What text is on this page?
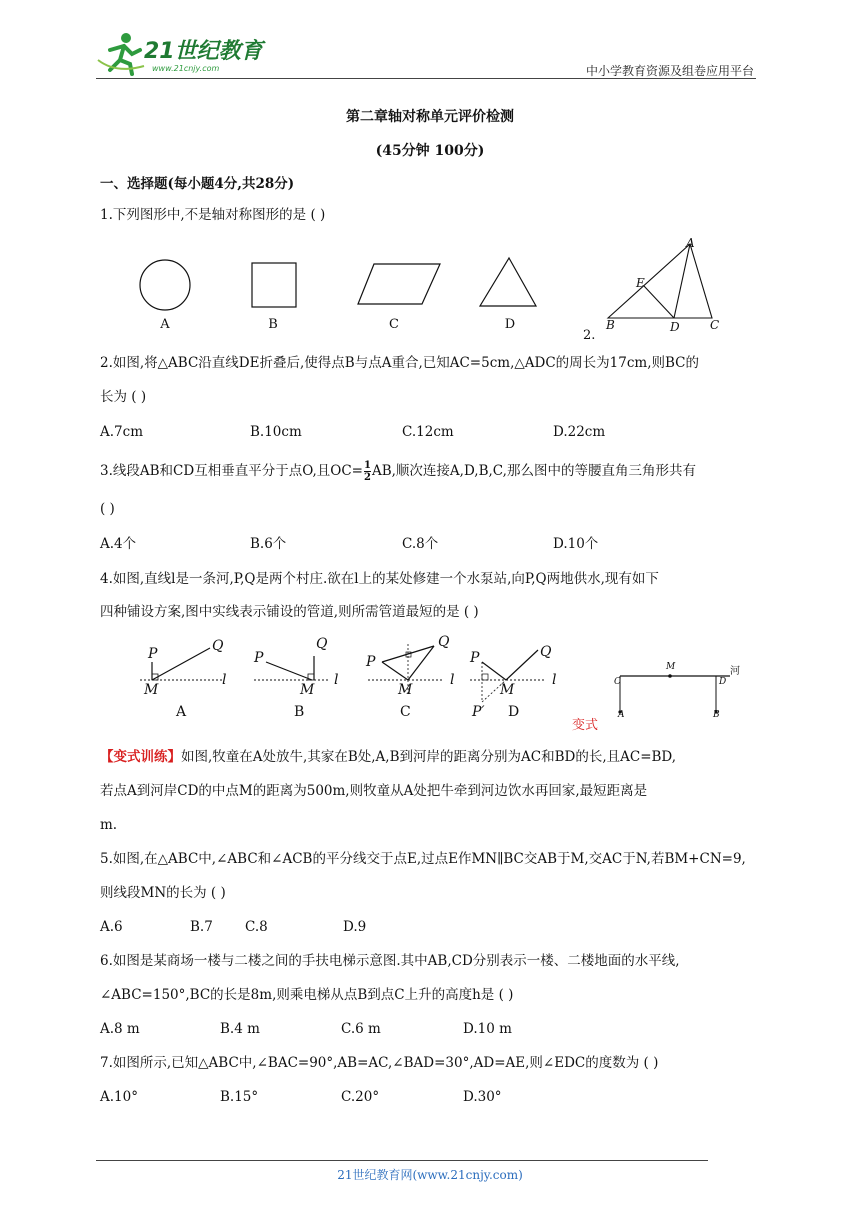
21世纪教育
www.21cnjy.com	中小学教育资源及组卷应用平台
第二章轴对称单元评价检测
(45分钟 100分)
一、选择题(每小题4分,共28分)
1.下列图形中,不是轴对称图形的是 ( )
A	B	C	D
A
E
B	D	C
2.
2.如图,将△ABC沿直线DE折叠后,使得点B与点A重合,已知AC=5cm,△ADC的周长为17cm,则BC的
长为 ( )
A.7cm	B.10cm	C.12cm	D.22cm
3.线段AB和CD互相垂直平分于点O,且$OC= \frac{1}{2}$ AB,顺次连接A,D,B,C,那么图中的等腰直角三角形共有
( )
A.4个	B.6个	C.8个	D.10个
4.如图,直线l是一条河,P,Q是两个村庄.欲在l上的某处修建一个水泵站,向P,Q两地供水,现有如下
四种铺设方案,图中实线表示铺设的管道,则所需管道最短的是 ( )
P	Q
M
l
A
P
Q
M
l
B
P
Q
M
l
C
P	Q
M
l
P′ D
河
M
C	D
A	B
变式
【变式训练】如图,牧童在A处放牛,其家在B处,A,B到河岸的距离分别为AC和BD的长,且AC=BD,
若点A到河岸CD的中点M的距离为500m,则牧童从A处把牛牵到河边饮水再回家,最短距离是
m.
5.如图,在△ABC中,∠ABC和∠ACB的平分线交于点E,过点E作MN∥BC交AB于M,交AC于N,若BM+CN=9,
则线段MN的长为 ( )
A.6	B.7 C.8	D.9
6.如图是某商场一楼与二楼之间的手扶电梯示意图.其中AB,CD分别表示一楼、二楼地面的水平线,
∠ABC=150°,BC的长是8m,则乘电梯从点B到点C上升的高度h是 ( )
A.8 m	B.4 m	C.6 m	D.10 m
7.如图所示,已知△ABC中,∠BAC=90°,AB=AC,∠BAD=30°,AD=AE,则∠EDC的度数为 ( )
A.10°	B.15°	C.20°	D.30°
21世纪教育网(www.21cnjy.com)
